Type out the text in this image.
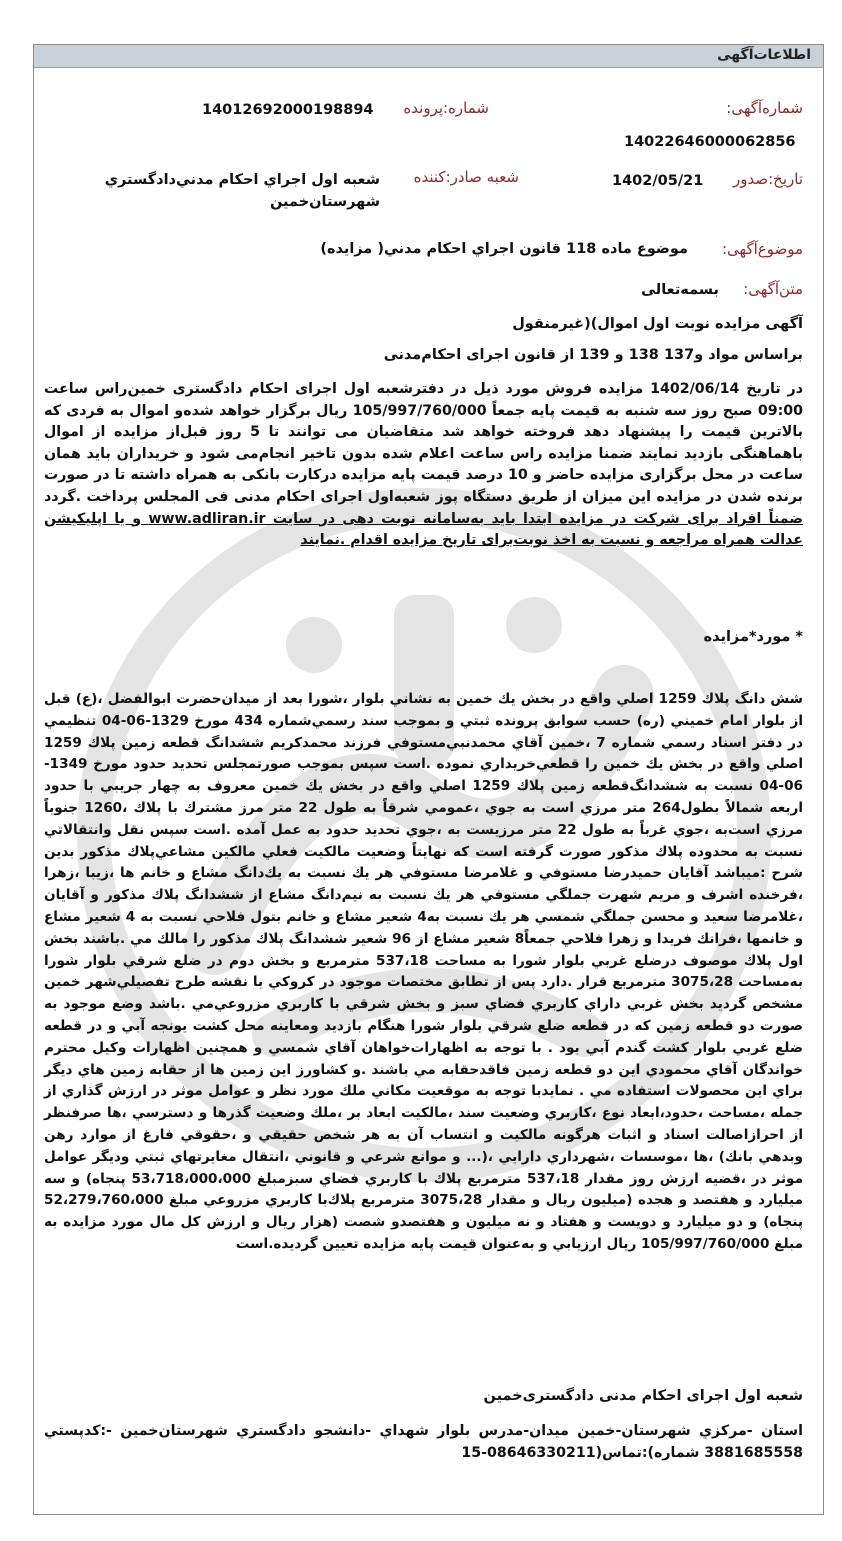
اطلاعات‌آگهی
شماره‌آگهی:
14022646000062856
شماره:پرونده
14012692000198894
تاریخ:صدور
1402/05/21
شعبه صادر:کننده
شعبه اول اجراي احكام مدني‌دادگستري
شهرستان‌خمين
موضوع‌آگهی:
موضوع ماده 118 قانون اجراي احكام مدني( مزايده)
متن‌آگهی:
بسمه‌تعالی
آگهی مزایده نوبت اول اموال)(غیرمنقول
براساس مواد و137 138 و 139 از قانون اجرای احکام‌مدنی
در تاریخ 1402/06/14 مزایده فروش مورد ذیل در دفترشعبه اول اجرای احکام دادگستری خمین‌راس ساعت 09:00 صبح روز سه شنبه به قیمت پایه جمعاً 105/997/760/000 ریال برگزار خواهد شده‌و اموال به فردی که بالاترین قیمت را پیشنهاد دهد فروخته خواهد شد متقاضیان می توانند تا 5 روز قبل‌از مزایده از اموال باهماهنگی بازدید نمایند ضمنا مزایده راس ساعت اعلام شده بدون تاخیر انجام‌می شود و خریداران باید همان ساعت در محل برگزاری مزایده حاضر و 10 درصد قیمت پایه مزایده درکارت بانکی به همراه داشته تا در صورت برنده شدن در مزایده این میزان از طریق دستگاه پوز شعبه‌اول اجرای احکام مدنی فی المجلس پرداخت .گردد ضمناً افراد برای شرکت در مزایده ابتدا باید به‌سامانه نوبت دهی در سایت www.adliran.ir و یا اپلیکیشن عدالت همراه مراجعه و نسبت به اخذ نوبت‌برای تاریخ مزایده اقدام .نمایند
* مورد*مزایده
شش دانگ پلاك 1259 اصلي واقع در بخش يك خمين به نشاني بلوار ،شورا بعد از ميدان‌حضرت ابوالفضل ،(ع) قبل از بلوار امام خميني (ره) حسب سوابق پرونده ثبتي و بموجب سند رسمي‌شماره 434 مورخ 1329-06-04 تنظيمي در دفتر اسناد رسمي شماره 7 ،خمين آقاي محمدنبي‌مستوفي فرزند محمدكريم ششدانگ قطعه زمين پلاك 1259 اصلي واقع در بخش يك خمين را قطعي‌خريداري نموده .است سپس بموجب صورتمجلس تحديد حدود مورخ 1349-06-04 نسبت به ششدانگ‌قطعه زمين پلاك 1259 اصلي واقع در بخش يك خمين معروف به چهار جريبي با حدود اربعه شمالاً بطول264 متر مرزي است به جوي ،عمومي شرقاً به طول 22 متر مرز مشترك با پلاك ،1260 جنوباً مرزي است‌به ،جوي غرباً به طول 22 متر مرزيست به ،جوي تحديد حدود به عمل آمده .است سپس نقل وانتقالاتي نسبت به محدوده پلاك مذكور صورت گرفته است كه نهايتاً وضعيت مالكيت فعلي مالكين مشاعي‌پلاك مذكور بدين شرح :ميباشد آقايان حميدرضا مستوفي و غلامرضا مستوفي هر يك نسبت به يك‌دانگ مشاع و خانم ها ،زيبا ،زهرا ،فرخنده اشرف و مريم شهرت جملگي مستوفي هر يك نسبت به نيم‌دانگ مشاع از ششدانگ پلاك مذكور و آقايان ،غلامرضا سعيد و محسن جملگي شمسي هر يك نسبت به4 شعير مشاع و خانم بتول فلاحي نسبت به 4 شعير مشاع و خانمها ،فرانك فريدا و زهرا فلاحي جمعاً8 شعير مشاع از 96 شعير ششدانگ پلاك مذكور را مالك مي .باشند بخش اول پلاك موصوف درضلع غربي بلوار شورا به مساحت 537،18 مترمربع و بخش دوم در ضلع شرقي بلوار شورا به‌مساحت 3075،28 مترمربع قرار .دارد پس از تطابق مختصات موجود در كروكي با نقشه طرح تفصيلي‌شهر خمين مشخص گرديد بخش غربي داراي كاربري فضاي سبز و بخش شرقي با كاربري مزروعي‌مي .باشد وضع موجود به صورت دو قطعه زمين كه در قطعه ضلع شرقي بلوار شورا هنگام بازديد ومعاينه محل كشت يونجه آبي و در قطعه ضلع غربي بلوار كشت گندم آبي بود . با توجه به اظهارات‌خواهان آقاي شمسي و همچنين اظهارات وكيل محترم خواندگان آقاي محمودي اين دو قطعه زمين فاقدحقابه مي باشند .و كشاورز اين زمين ها از حقابه زمين هاي ديگر براي اين محصولات استفاده مي . نمايدبا توجه به موقعيت مكاني ملك مورد نظر و عوامل موثر در ارزش گذاري از جمله ،مساحت ،حدود،ابعاد نوع ،كاربري وضعيت سند ،مالكيت ابعاد بر ،ملك وضعيت گذرها و دسترسي ،ها صرفنظر از احرازاصالت اسناد و اثبات هرگونه مالكيت و انتساب آن به هر شخص حقيقي و ،حقوقي فارغ از موارد رهن وبدهي بانك) ،ها ،موسسات ،شهرداري دارايي ،(... و موانع شرعي و قانوني ،انتقال مغايرتهاي ثبتي وديگر عوامل موثر در ،قضيه ارزش روز مقدار 537،18 مترمربع پلاك با كاربري فضاي سبزمبلغ 53،718،000،000 پنجاه) و سه ميليارد و هفتصد و هجده (ميليون ريال و مقدار 3075،28 مترمربع پلاك‌با كاربري مزروعي مبلغ 52،279،760،000 پنجاه) و دو ميليارد و دويست و هفتاد و نه ميليون و هفتصدو شصت (هزار ريال و ارزش كل مال مورد مزايده به مبلغ 105/997/760/000 ريال ارزيابي و به‌عنوان قيمت پايه مزايده تعيين گرديده.است
شعبه اول اجرای احکام مدنی دادگستری‌خمین
استان -مركزي شهرستان-خمين ميدان-مدرس بلوار شهداي -دانشجو دادگستري شهرستان‌خمين -:كدپستي 3881685558 شماره):تماس(08646330211-15
